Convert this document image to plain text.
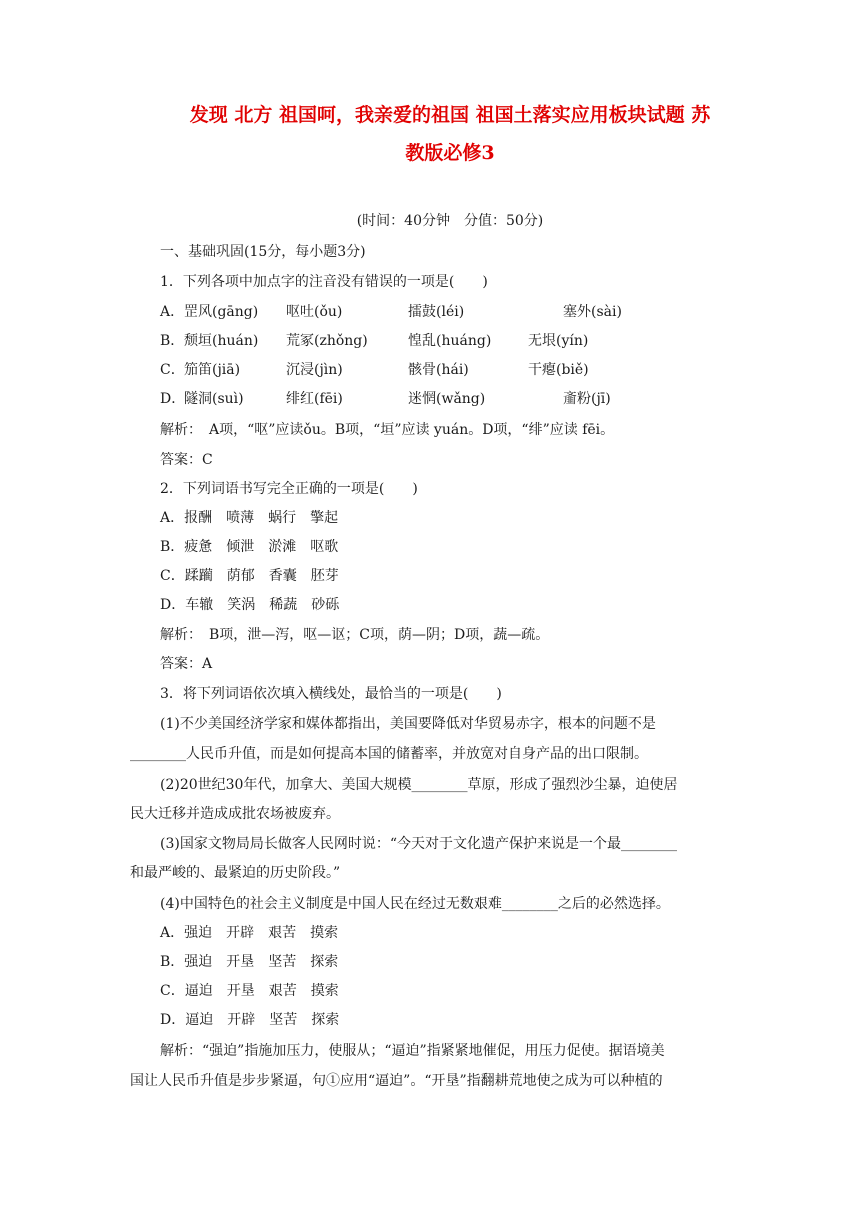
发现 北方 祖国呵，我亲爱的祖国 祖国土落实应用板块试题 苏
教版必修3
(时间：40分钟　分值：50分)
一、基础巩固(15分，每小题3分)
1．下列各项中加点字的注音没有错误的一项是(　　)
A．罡风(gāng) 呕吐(ǒu)	擂鼓(léi)	塞外(sài)
B．颓垣(huán) 荒冢(zhǒng)	惶乱(huáng)	无垠(yín)
C．笳笛(jiā)	沉浸(jìn)	骸骨(hái)	干瘪(biě)
D．隧洞(suì)	绯红(fēi)	迷惘(wǎng)	齑粉(jī)
解析：　A项，“呕”应读ǒu。B项，“垣”应读 yuán。D项，“绯”应读 fēi。
答案：C
2．下列词语书写完全正确的一项是(　　)
A．报酬　喷薄　蜗行　擎起
B．疲惫　倾泄　淤滩　呕歌
C．蹂躏　荫郁　香囊　胚芽
D．车辙　笑涡　稀蔬　砂砾
解析：　B项，泄—泻，呕—讴；C项，荫—阴；D项，蔬—疏。
答案：A
3．将下列词语依次填入横线处，最恰当的一项是(　　)
(1)不少美国经济学家和媒体都指出，美国要降低对华贸易赤字，根本的问题不是
________人民币升值，而是如何提高本国的储蓄率，并放宽对自身产品的出口限制。
(2)20世纪30年代，加拿大、美国大规模________草原，形成了强烈沙尘暴，迫使居
民大迁移并造成成批农场被废弃。
(3)国家文物局局长做客人民网时说：“今天对于文化遗产保护来说是一个最________
和最严峻的、最紧迫的历史阶段。”
(4)中国特色的社会主义制度是中国人民在经过无数艰难________之后的必然选择。
A．强迫　开辟　艰苦　摸索
B．强迫　开垦　坚苦　探索
C．逼迫　开垦　艰苦　摸索
D．逼迫　开辟　坚苦　探索
解析：“强迫”指施加压力，使服从；“逼迫”指紧紧地催促，用压力促使。据语境美
国让人民币升值是步步紧逼，句①应用“逼迫”。“开垦”指翻耕荒地使之成为可以种植的
